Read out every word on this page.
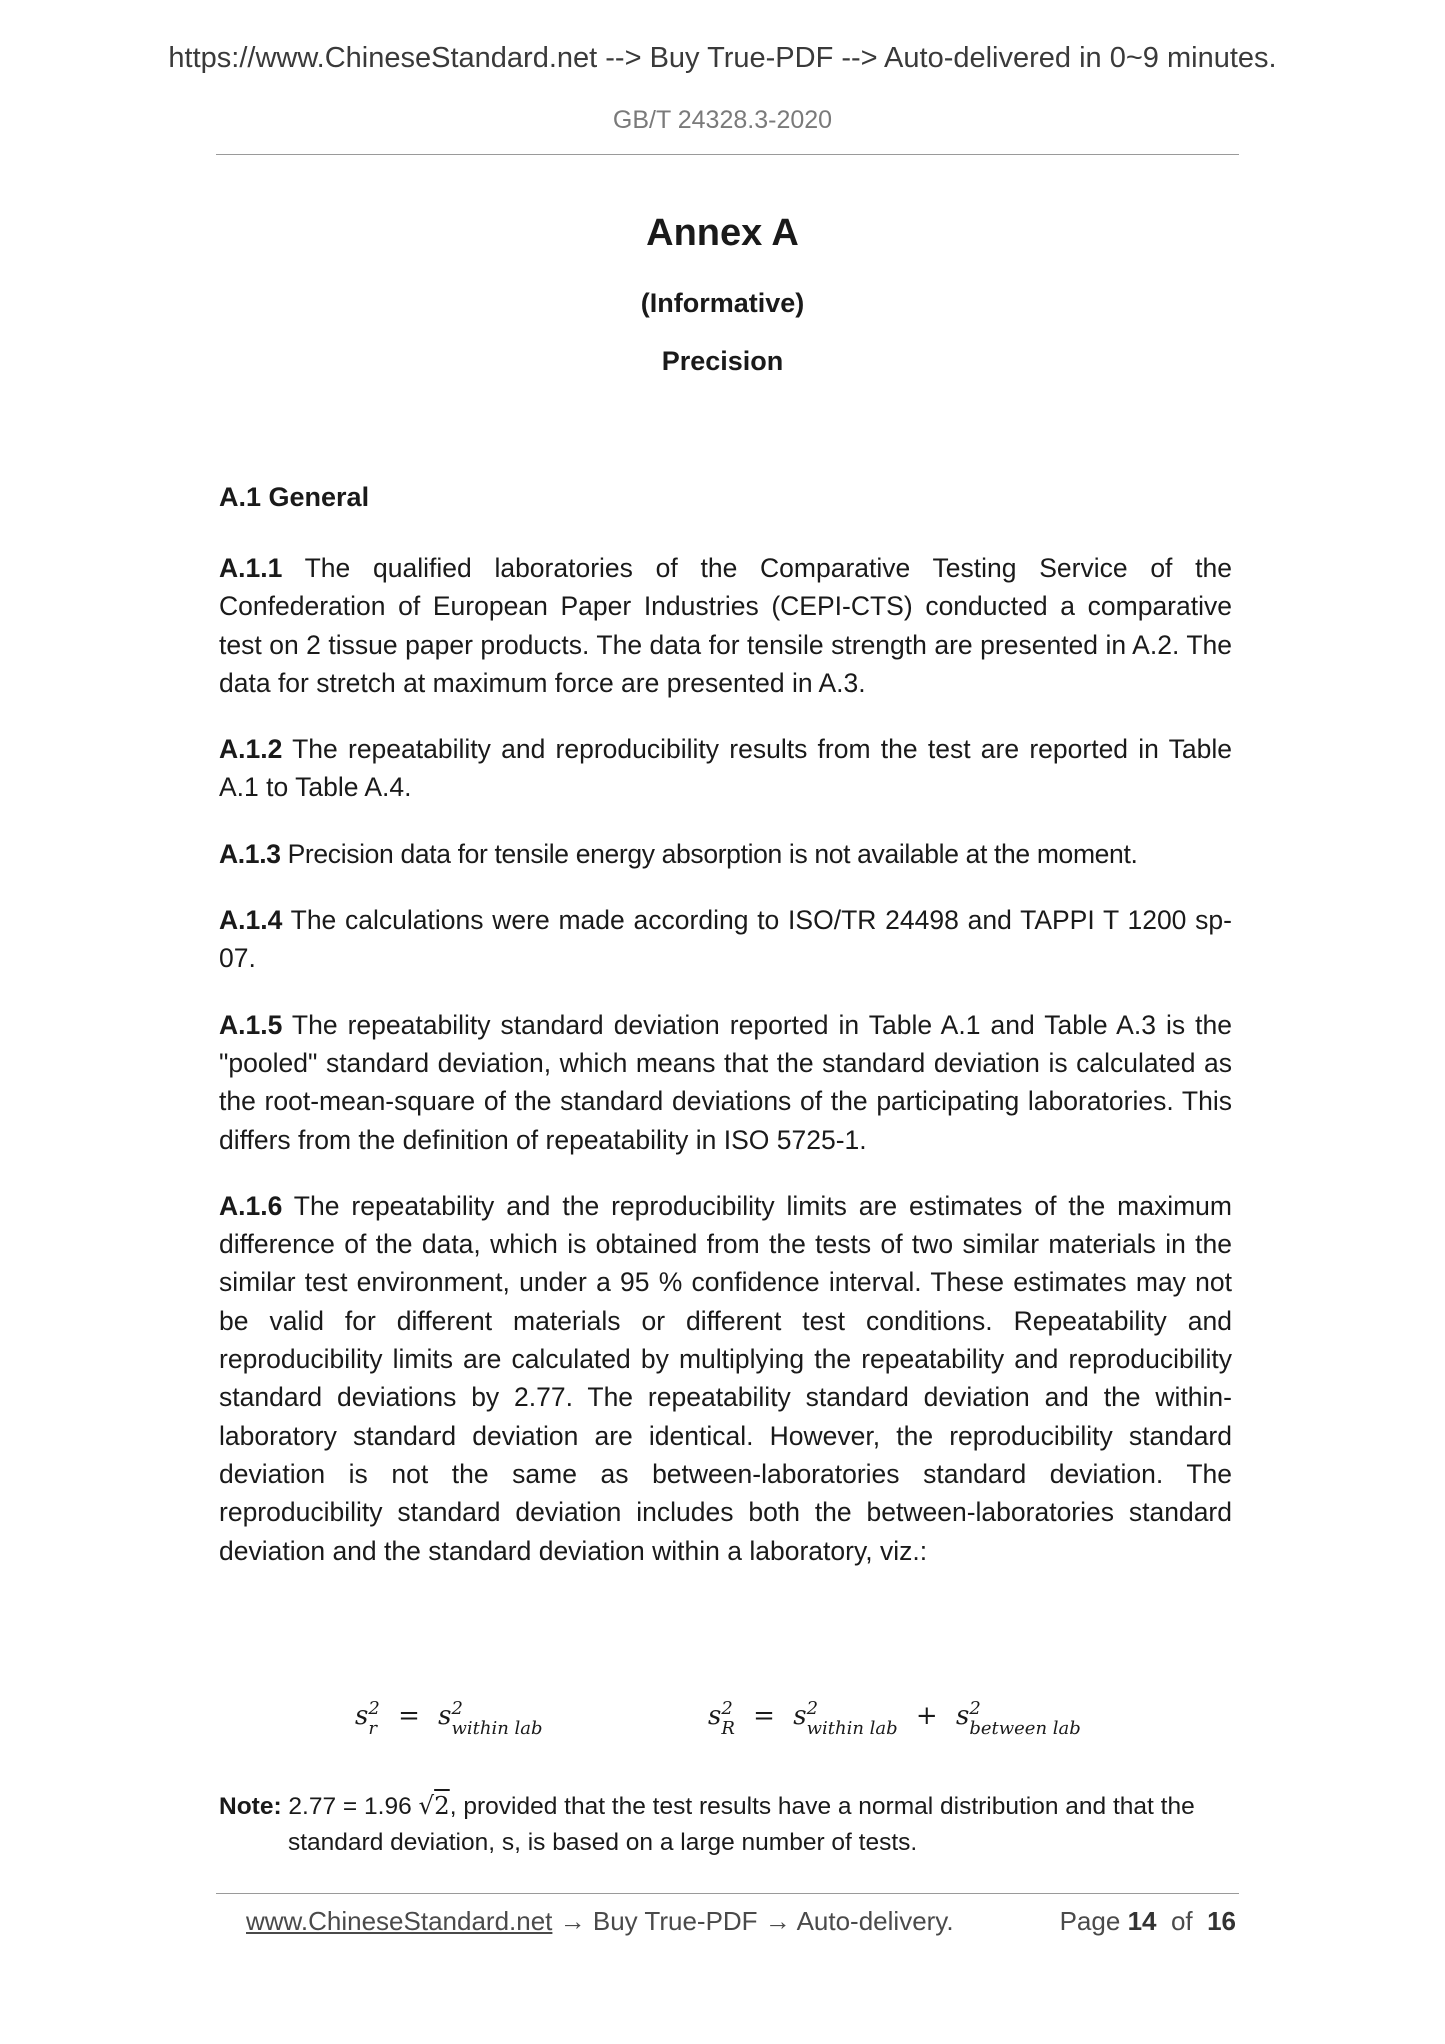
https://www.ChineseStandard.net --> Buy True-PDF --> Auto-delivered in 0~9 minutes.
GB/T 24328.3-2020
Annex A
(Informative)
Precision
A.1 General

A.1.1 The qualified laboratories of the Comparative Testing Service of the Confederation of European Paper Industries (CEPI-CTS) conducted a comparative test on 2 tissue paper products. The data for tensile strength are presented in A.2. The data for stretch at maximum force are presented in A.3.

A.1.2 The repeatability and reproducibility results from the test are reported in Table A.1 to Table A.4.

A.1.3 Precision data for tensile energy absorption is not available at the moment.

A.1.4 The calculations were made according to ISO/TR 24498 and TAPPI T 1200 sp-07.

A.1.5 The repeatability standard deviation reported in Table A.1 and Table A.3 is the "pooled" standard deviation, which means that the standard deviation is calculated as the root-mean-square of the standard deviations of the participating laboratories. This differs from the definition of repeatability in ISO 5725-1.

A.1.6 The repeatability and the reproducibility limits are estimates of the maximum difference of the data, which is obtained from the tests of two similar materials in the similar test environment, under a 95 % confidence interval. These estimates may not be valid for different materials or different test conditions. Repeatability and reproducibility limits are calculated by multiplying the repeatability and reproducibility standard deviations by 2.77. The repeatability standard deviation and the within-laboratory standard deviation are identical. However, the reproducibility standard deviation is not the same as between-laboratories standard deviation. The reproducibility standard deviation includes both the between-laboratories standard deviation and the standard deviation within a laboratory, viz.:

s 2
r = s 2
witℎin lab	s 2
R = s 2
witℎin lab + s 2
between lab
Note: 2.77 = 1.96 √2, provided that the test results have a normal distribution and that the
standard deviation, s, is based on a large number of tests.
www.ChineseStandard.net → Buy True-PDF → Auto-delivery.	Page 14 of 16
